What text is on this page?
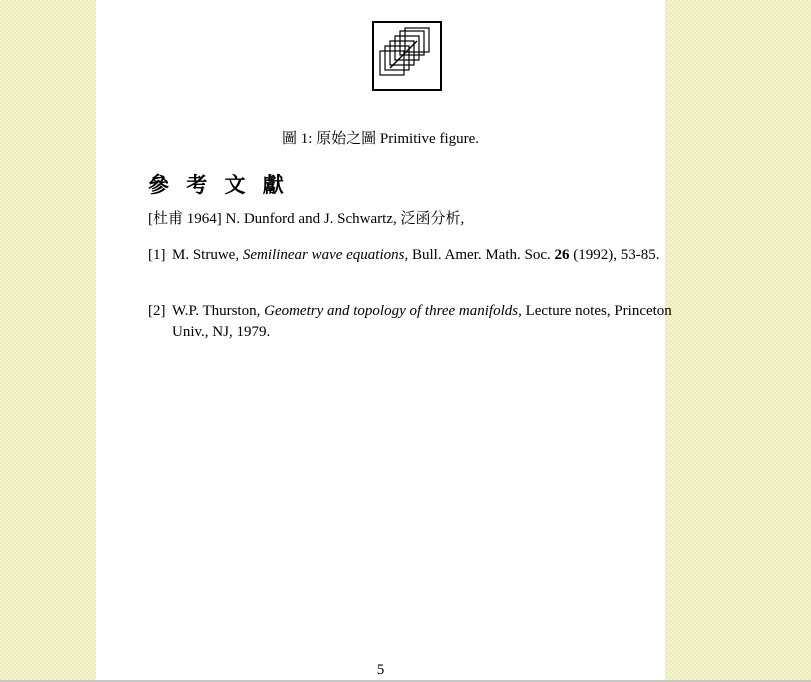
圖 1: 原始之圖 Primitive figure.
參 考 文 獻
[杜甫 1964] N. Dunford and J. Schwartz, 泛函分析,
[1] M. Struwe, Semilinear wave equations, Bull. Amer. Math. Soc. 26 (1992), 53-85.
[2] W.P. Thurston, Geometry and topology of three manifolds, Lecture notes, Princeton Univ., NJ, 1979.
5
